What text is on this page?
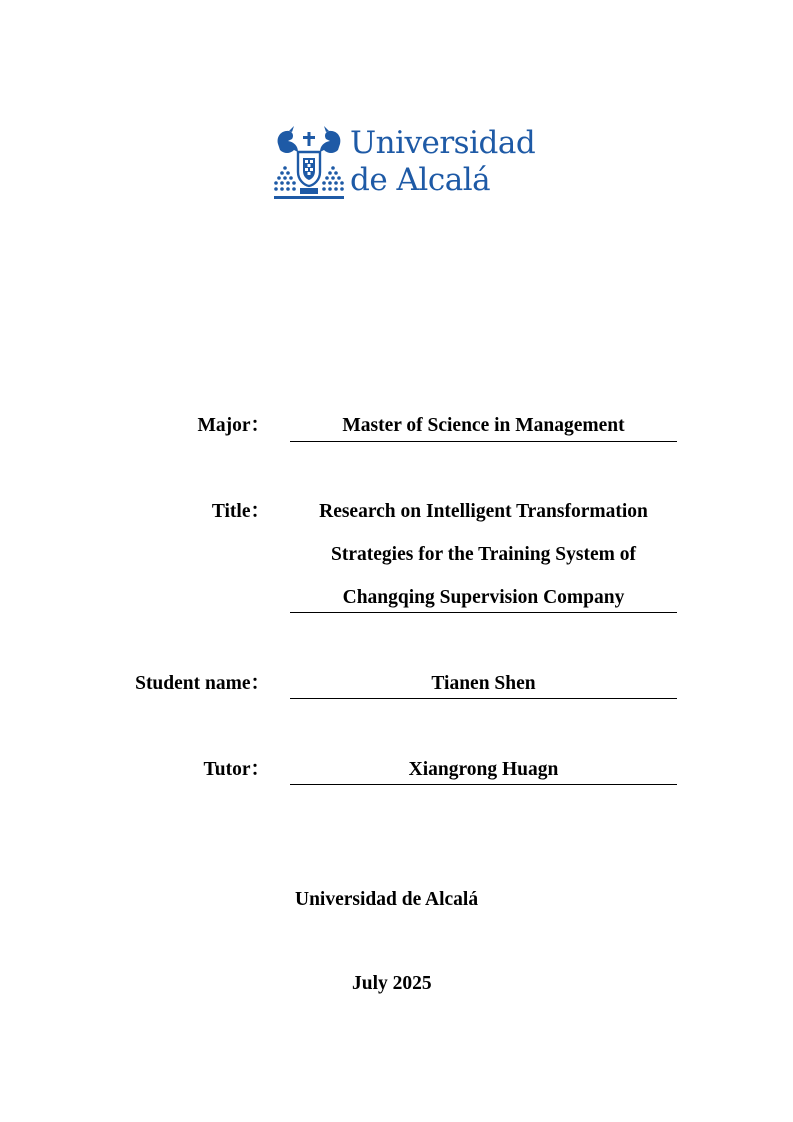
Universidad
de Alcalá
Major：	Master of Science in Management
Title：	Research on Intelligent Transformation
Strategies for the Training System of
Changqing Supervision Company
Student name：	Tianen Shen
Tutor：	Xiangrong Huagn
Universidad de Alcalá
July 2025
